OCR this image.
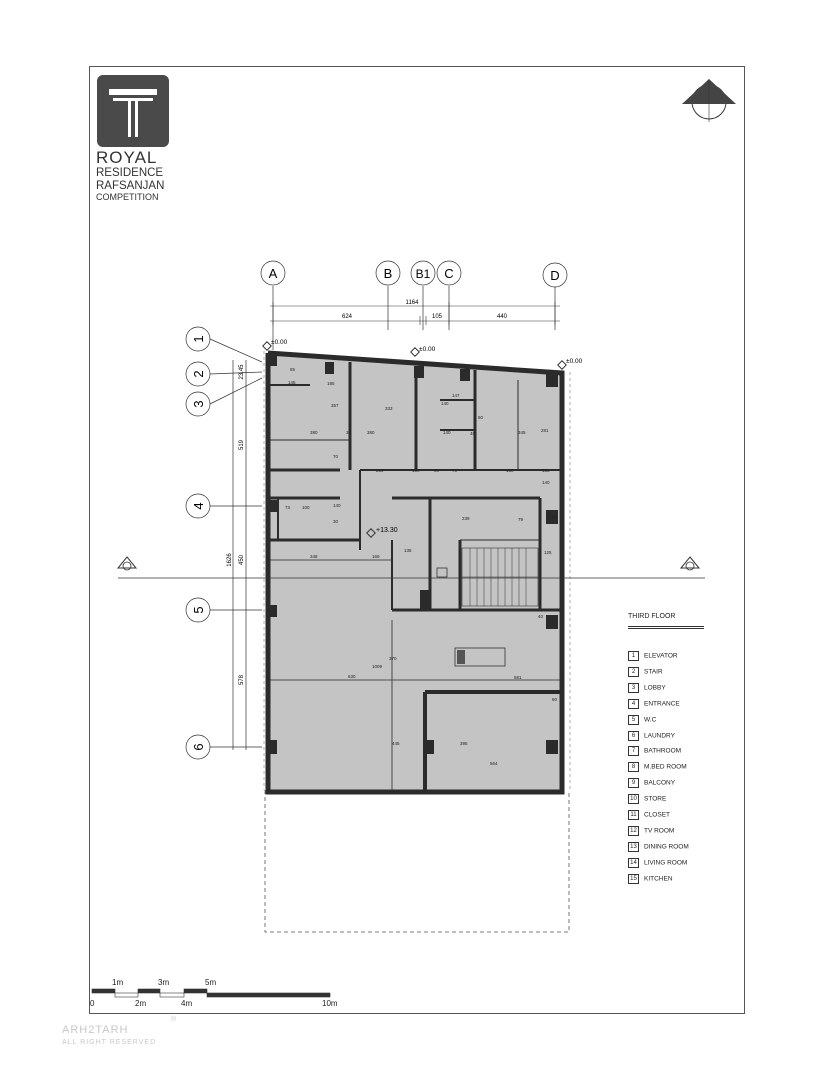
ROYAL
RESIDENCE
RAFSANJAN
COMPETITION
A	B B1 C	D
1164
624	105	440
1
2
3
4
5
6
23.45
519
450
578
1626
±0.00
±0.00
±0.00
+13.30
85
145	185
357
380	30	380
333
140
147
40	345	281
60
140
70
250	100	80	70	150	135
140
100	140
30
73
239	50
348	169
135	125
370
1009
630	581
445
60
395
564
40
79
THIRD FLOOR
1 ELEVATOR
2 STAIR
3 LOBBY
4 ENTRANCE
5 W.C
6 LAUNDRY
7 BATHROOM
8 M.BED ROOM
9 BALCONY
10 STORE
11 CLOSET
12 TV ROOM
13 DINING ROOM
14 LIVING ROOM
15 KITCHEN
1m	3m	5m
0	2m	4m	10m
ARH2TARH
ALL RIGHT RESERVED
®
